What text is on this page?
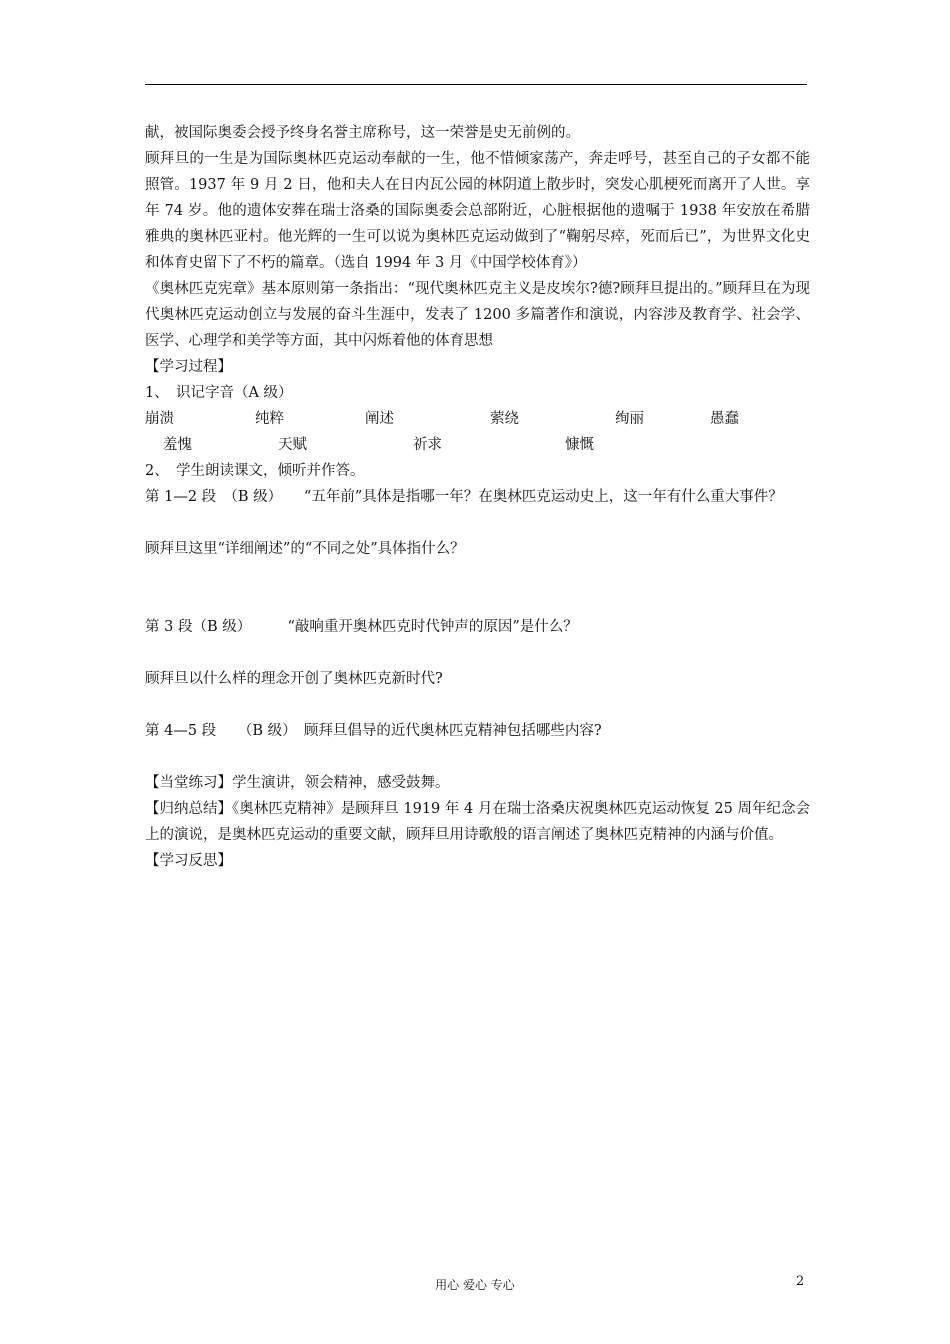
献，被国际奥委会授予终身名誉主席称号，这一荣誉是史无前例的。

顾拜旦的一生是为国际奥林匹克运动奉献的一生，他不惜倾家荡产，奔走呼号，甚至自己的子女都不能照管。1937 年 9 月 2 日，他和夫人在日内瓦公园的林阴道上散步时，突发心肌梗死而离开了人世。享年 74 岁。他的遗体安葬在瑞士洛桑的国际奥委会总部附近，心脏根据他的遗嘱于 1938 年安放在希腊雅典的奥林匹亚村。他光辉的一生可以说为奥林匹克运动做到了“鞠躬尽瘁，死而后已”，为世界文化史和体育史留下了不朽的篇章。（选自 1994 年 3 月《中国学校体育》）

《奥林匹克宪章》基本原则第一条指出：“现代奥林匹克主义是皮埃尔?德?顾拜旦提出的。”顾拜旦在为现代奥林匹克运动创立与发展的奋斗生涯中，发表了 1200 多篇著作和演说，内容涉及教育学、社会学、医学、心理学和美学等方面，其中闪烁着他的体育思想

【学习过程】

1、　识记字音（A 级）

崩溃	纯粹	阐述	萦绕	绚丽	愚蠢
羞愧	天赋	祈求	慷慨

2、　学生朗读课文，倾听并作答。

第 1—2 段　（B 级）　　“五年前”具体是指哪一年？在奥林匹克运动史上，这一年有什么重大事件？

顾拜旦这里“详细阐述”的“不同之处”具体指什么？

第 3 段（B 级）　　　“敲响重开奥林匹克时代钟声的原因”是什么？

顾拜旦以什么样的理念开创了奥林匹克新时代?

第 4—5 段　　（B 级）　顾拜旦倡导的近代奥林匹克精神包括哪些内容?

【当堂练习】学生演讲，领会精神，感受鼓舞。

【归纳总结】《奥林匹克精神》是顾拜旦 1919 年 4 月在瑞士洛桑庆祝奥林匹克运动恢复 25 周年纪念会上的演说，是奥林匹克运动的重要文献，顾拜旦用诗歌般的语言阐述了奥林匹克精神的内涵与价值。

【学习反思】

用心 爱心 专心	2
